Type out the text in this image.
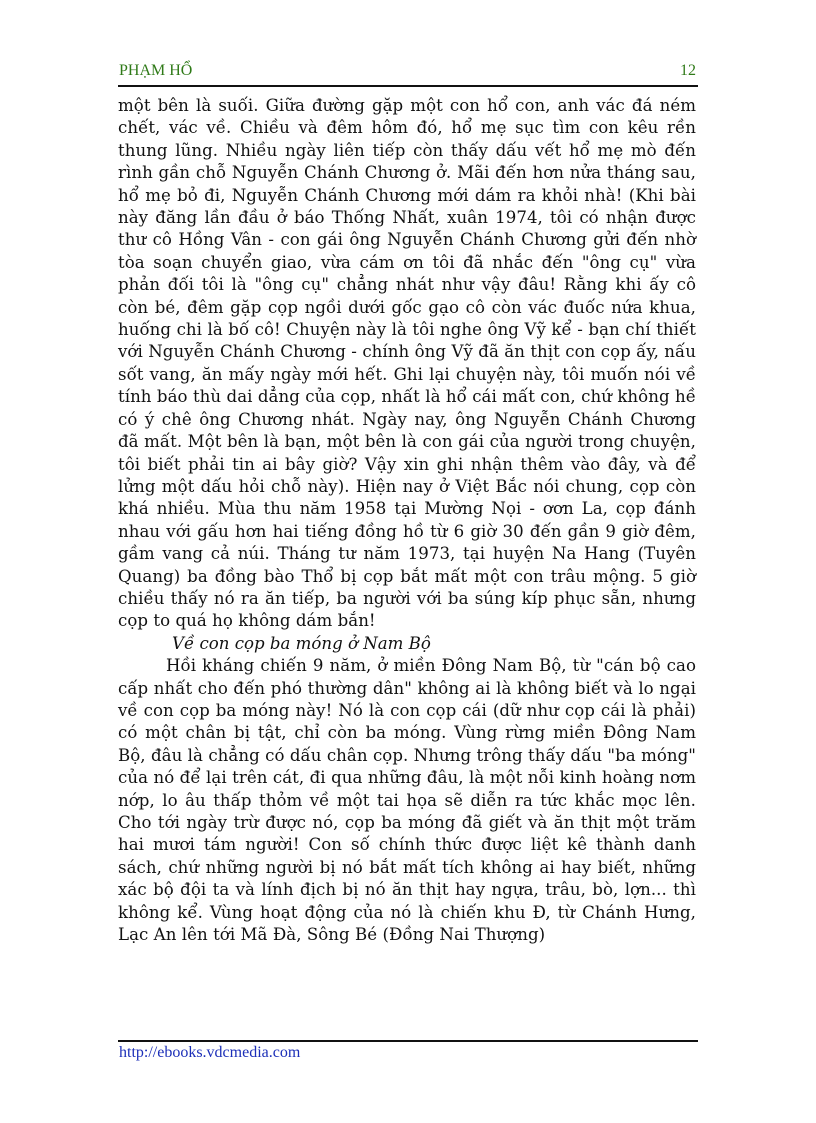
PHẠM HỔ	12

một bên là suối. Giữa đường gặp một con hổ con, anh vác đá ném chết, vác về. Chiều và đêm hôm đó, hổ mẹ sục tìm con kêu rền thung lũng. Nhiều ngày liên tiếp còn thấy dấu vết hổ mẹ mò đến rình gần chỗ Nguyễn Chánh Chương ở. Mãi đến hơn nửa tháng sau, hổ mẹ bỏ đi, Nguyễn Chánh Chương mới dám ra khỏi nhà! (Khi bài này đăng lần đầu ở báo Thống Nhất, xuân 1974, tôi có nhận được thư cô Hồng Vân - con gái ông Nguyễn Chánh Chương gửi đến nhờ tòa soạn chuyển giao, vừa cám ơn tôi đã nhắc đến "ông cụ" vừa phản đối tôi là "ông cụ" chẳng nhát như vậy đâu! Rằng khi ấy cô còn bé, đêm gặp cọp ngồi dưới gốc gạo cô còn vác đuốc nứa khua, huống chi là bố cô! Chuyện này là tôi nghe ông Vỹ kể - bạn chí thiết với Nguyễn Chánh Chương - chính ông Vỹ đã ăn thịt con cọp ấy, nấu sốt vang, ăn mấy ngày mới hết. Ghi lại chuyện này, tôi muốn nói về tính báo thù dai dẳng của cọp, nhất là hổ cái mất con, chứ không hề có ý chê ông Chương nhát. Ngày nay, ông Nguyễn Chánh Chương đã mất. Một bên là bạn, một bên là con gái của người trong chuyện, tôi biết phải tin ai bây giờ? Vậy xin ghi nhận thêm vào đây, và để lửng một dấu hỏi chỗ này). Hiện nay ở Việt Bắc nói chung, cọp còn khá nhiều. Mùa thu năm 1958 tại Mường Nọi - ơơn La, cọp đánh nhau với gấu hơn hai tiếng đồng hồ từ 6 giờ 30 đến gần 9 giờ đêm, gầm vang cả núi. Tháng tư năm 1973, tại huyện Na Hang (Tuyên Quang) ba đồng bào Thổ bị cọp bắt mất một con trâu mộng. 5 giờ chiều thấy nó ra ăn tiếp, ba người với ba súng kíp phục sẵn, nhưng cọp to quá họ không dám bắn!

Về con cọp ba móng ở Nam Bộ

Hồi kháng chiến 9 năm, ở miền Đông Nam Bộ, từ "cán bộ cao cấp nhất cho đến phó thường dân" không ai là không biết và lo ngại về con cọp ba móng này! Nó là con cọp cái (dữ như cọp cái là phải) có một chân bị tật, chỉ còn ba móng. Vùng rừng miền Đông Nam Bộ, đâu là chẳng có dấu chân cọp. Nhưng trông thấy dấu "ba móng" của nó để lại trên cát, đi qua những đâu, là một nỗi kinh hoàng nơm nớp, lo âu thấp thỏm về một tai họa sẽ diễn ra tức khắc mọc lên. Cho tới ngày trừ được nó, cọp ba móng đã giết và ăn thịt một trăm hai mươi tám người! Con số chính thức được liệt kê thành danh sách, chứ những người bị nó bắt mất tích không ai hay biết, những xác bộ đội ta và lính địch bị nó ăn thịt hay ngựa, trâu, bò, lợn... thì không kể. Vùng hoạt động của nó là chiến khu Đ, từ Chánh Hưng, Lạc An lên tới Mã Đà, Sông Bé (Đồng Nai Thượng)

http://ebooks.vdcmedia.com
